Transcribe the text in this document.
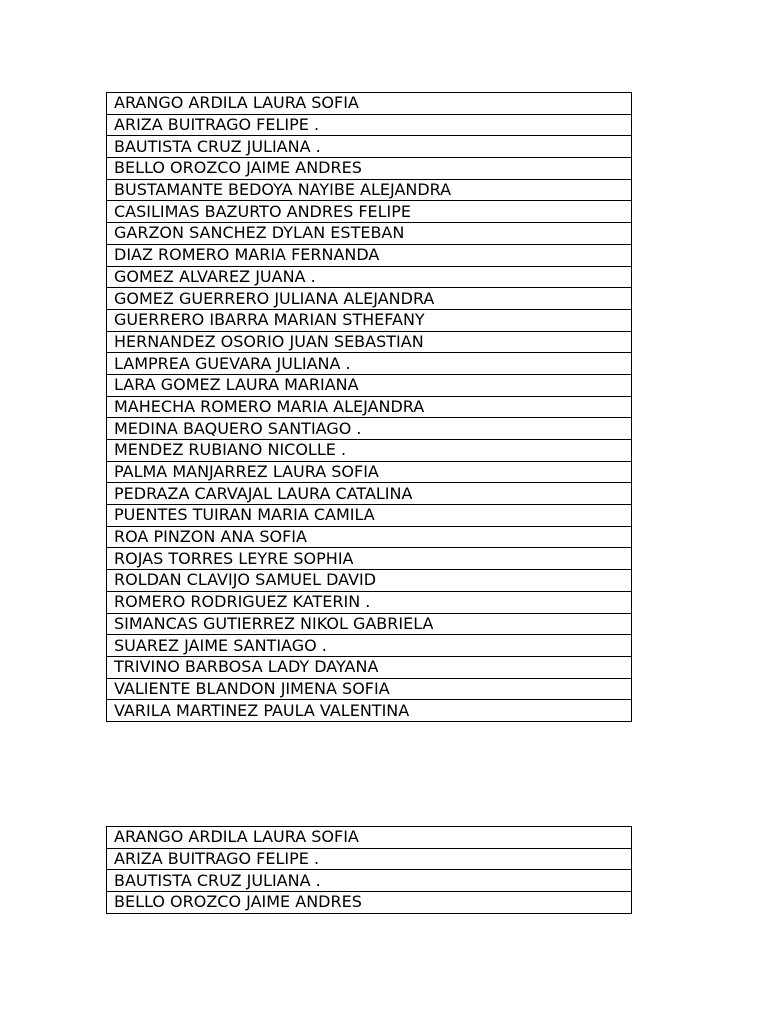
ARANGO ARDILA LAURA SOFIA
ARIZA BUITRAGO FELIPE .
BAUTISTA CRUZ JULIANA .
BELLO OROZCO JAIME ANDRES
BUSTAMANTE BEDOYA NAYIBE ALEJANDRA
CASILIMAS BAZURTO ANDRES FELIPE
GARZON SANCHEZ DYLAN ESTEBAN
DIAZ ROMERO MARIA FERNANDA
GOMEZ ALVAREZ JUANA .
GOMEZ GUERRERO JULIANA ALEJANDRA
GUERRERO IBARRA MARIAN STHEFANY
HERNANDEZ OSORIO JUAN SEBASTIAN
LAMPREA GUEVARA JULIANA .
LARA GOMEZ LAURA MARIANA
MAHECHA ROMERO MARIA ALEJANDRA
MEDINA BAQUERO SANTIAGO .
MENDEZ RUBIANO NICOLLE .
PALMA MANJARREZ LAURA SOFIA
PEDRAZA CARVAJAL LAURA CATALINA
PUENTES TUIRAN MARIA CAMILA
ROA PINZON ANA SOFIA
ROJAS TORRES LEYRE SOPHIA
ROLDAN CLAVIJO SAMUEL DAVID
ROMERO RODRIGUEZ KATERIN .
SIMANCAS GUTIERREZ NIKOL GABRIELA
SUAREZ JAIME SANTIAGO .
TRIVINO BARBOSA LADY DAYANA
VALIENTE BLANDON JIMENA SOFIA
VARILA MARTINEZ PAULA VALENTINA
ARANGO ARDILA LAURA SOFIA
ARIZA BUITRAGO FELIPE .
BAUTISTA CRUZ JULIANA .
BELLO OROZCO JAIME ANDRES
